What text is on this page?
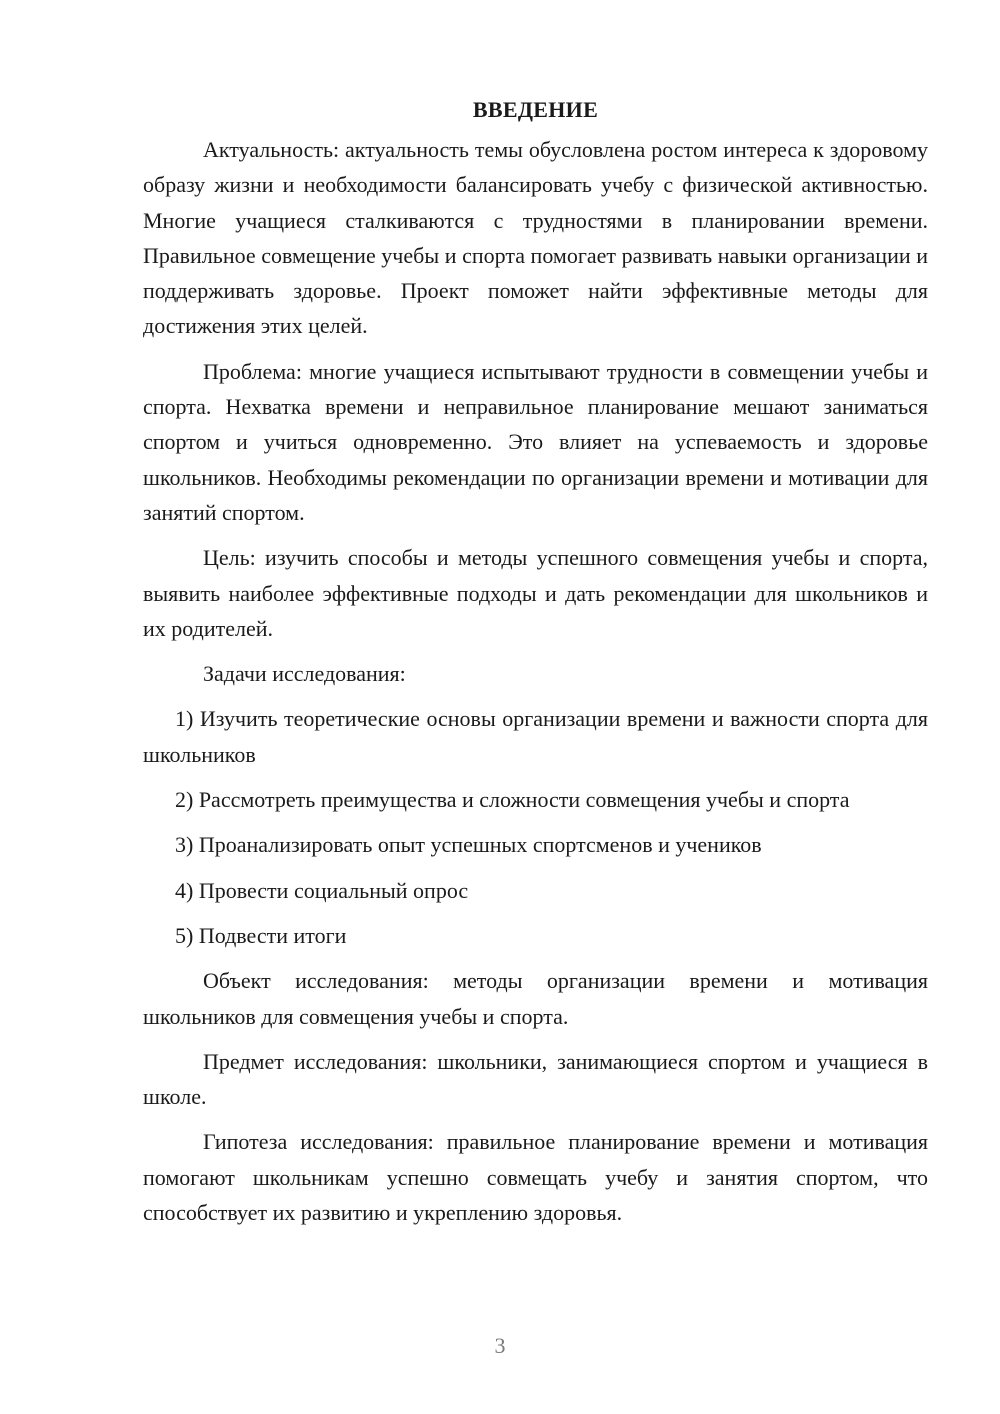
ВВЕДЕНИЕ

Актуальность: актуальность темы обусловлена ростом интереса к здоровому образу жизни и необходимости балансировать учебу с физической активностью. Многие учащиеся сталкиваются с трудностями в планировании времени. Правильное совмещение учебы и спорта помогает развивать навыки организации и поддерживать здоровье. Проект поможет найти эффективные методы для достижения этих целей.

Проблема: многие учащиеся испытывают трудности в совмещении учебы и спорта. Нехватка времени и неправильное планирование мешают заниматься спортом и учиться одновременно. Это влияет на успеваемость и здоровье школьников. Необходимы рекомендации по организации времени и мотивации для занятий спортом.

Цель: изучить способы и методы успешного совмещения учебы и спорта, выявить наиболее эффективные подходы и дать рекомендации для школьников и их родителей.

Задачи исследования:

1) Изучить теоретические основы организации времени и важности спорта для школьников

2) Рассмотреть преимущества и сложности совмещения учебы и спорта

3) Проанализировать опыт успешных спортсменов и учеников

4) Провести социальный опрос

5) Подвести итоги

Объект исследования: методы организации времени и мотивация школьников для совмещения учебы и спорта.

Предмет исследования: школьники, занимающиеся спортом и учащиеся в школе.

Гипотеза исследования: правильное планирование времени и мотивация помогают школьникам успешно совмещать учебу и занятия спортом, что способствует их развитию и укреплению здоровья.

3
